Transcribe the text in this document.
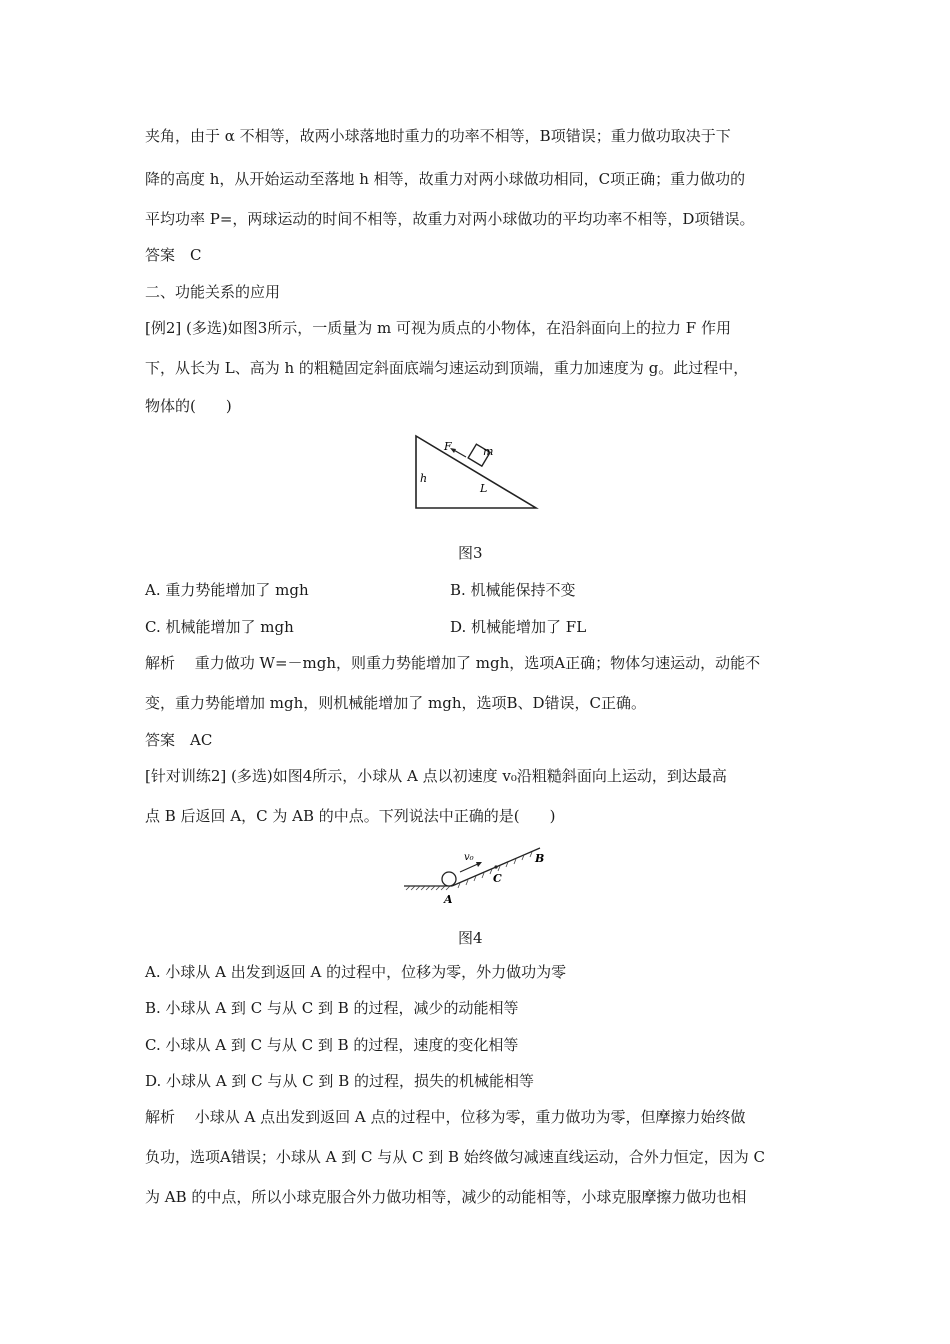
夹角，由于 α 不相等，故两小球落地时重力的功率不相等，B项错误；重力做功取决于下
降的高度 h，从开始运动至落地 h 相等，故重力对两小球做功相同，C项正确；重力做功的
平均功率 P=，两球运动的时间不相等，故重力对两小球做功的平均功率不相等，D项错误。
答案　C
二、功能关系的应用
[例2] (多选)如图3所示，一质量为 m 可视为质点的小物体，在沿斜面向上的拉力 F 作用
下，从长为 L、高为 h 的粗糙固定斜面底端匀速运动到顶端，重力加速度为 g。此过程中，
物体的(　　)
F	m
h
L
图3
A. 重力势能增加了 mgh	B. 机械能保持不变
C. 机械能增加了 mgh	D. 机械能增加了 FL
解析　 重力做功 W=－mgh，则重力势能增加了 mgh，选项A正确；物体匀速运动，动能不
变，重力势能增加 mgh，则机械能增加了 mgh，选项B、D错误，C正确。
答案　AC
[针对训练2] (多选)如图4所示，小球从 A 点以初速度 v₀沿粗糙斜面向上运动，到达最高
点 B 后返回 A，C 为 AB 的中点。下列说法中正确的是(　　)
v₀
A
C
B
图4
A. 小球从 A 出发到返回 A 的过程中，位移为零，外力做功为零
B. 小球从 A 到 C 与从 C 到 B 的过程，减少的动能相等
C. 小球从 A 到 C 与从 C 到 B 的过程，速度的变化相等
D. 小球从 A 到 C 与从 C 到 B 的过程，损失的机械能相等
解析　 小球从 A 点出发到返回 A 点的过程中，位移为零，重力做功为零，但摩擦力始终做
负功，选项A错误；小球从 A 到 C 与从 C 到 B 始终做匀减速直线运动，合外力恒定，因为 C
为 AB 的中点，所以小球克服合外力做功相等，减少的动能相等，小球克服摩擦力做功也相
